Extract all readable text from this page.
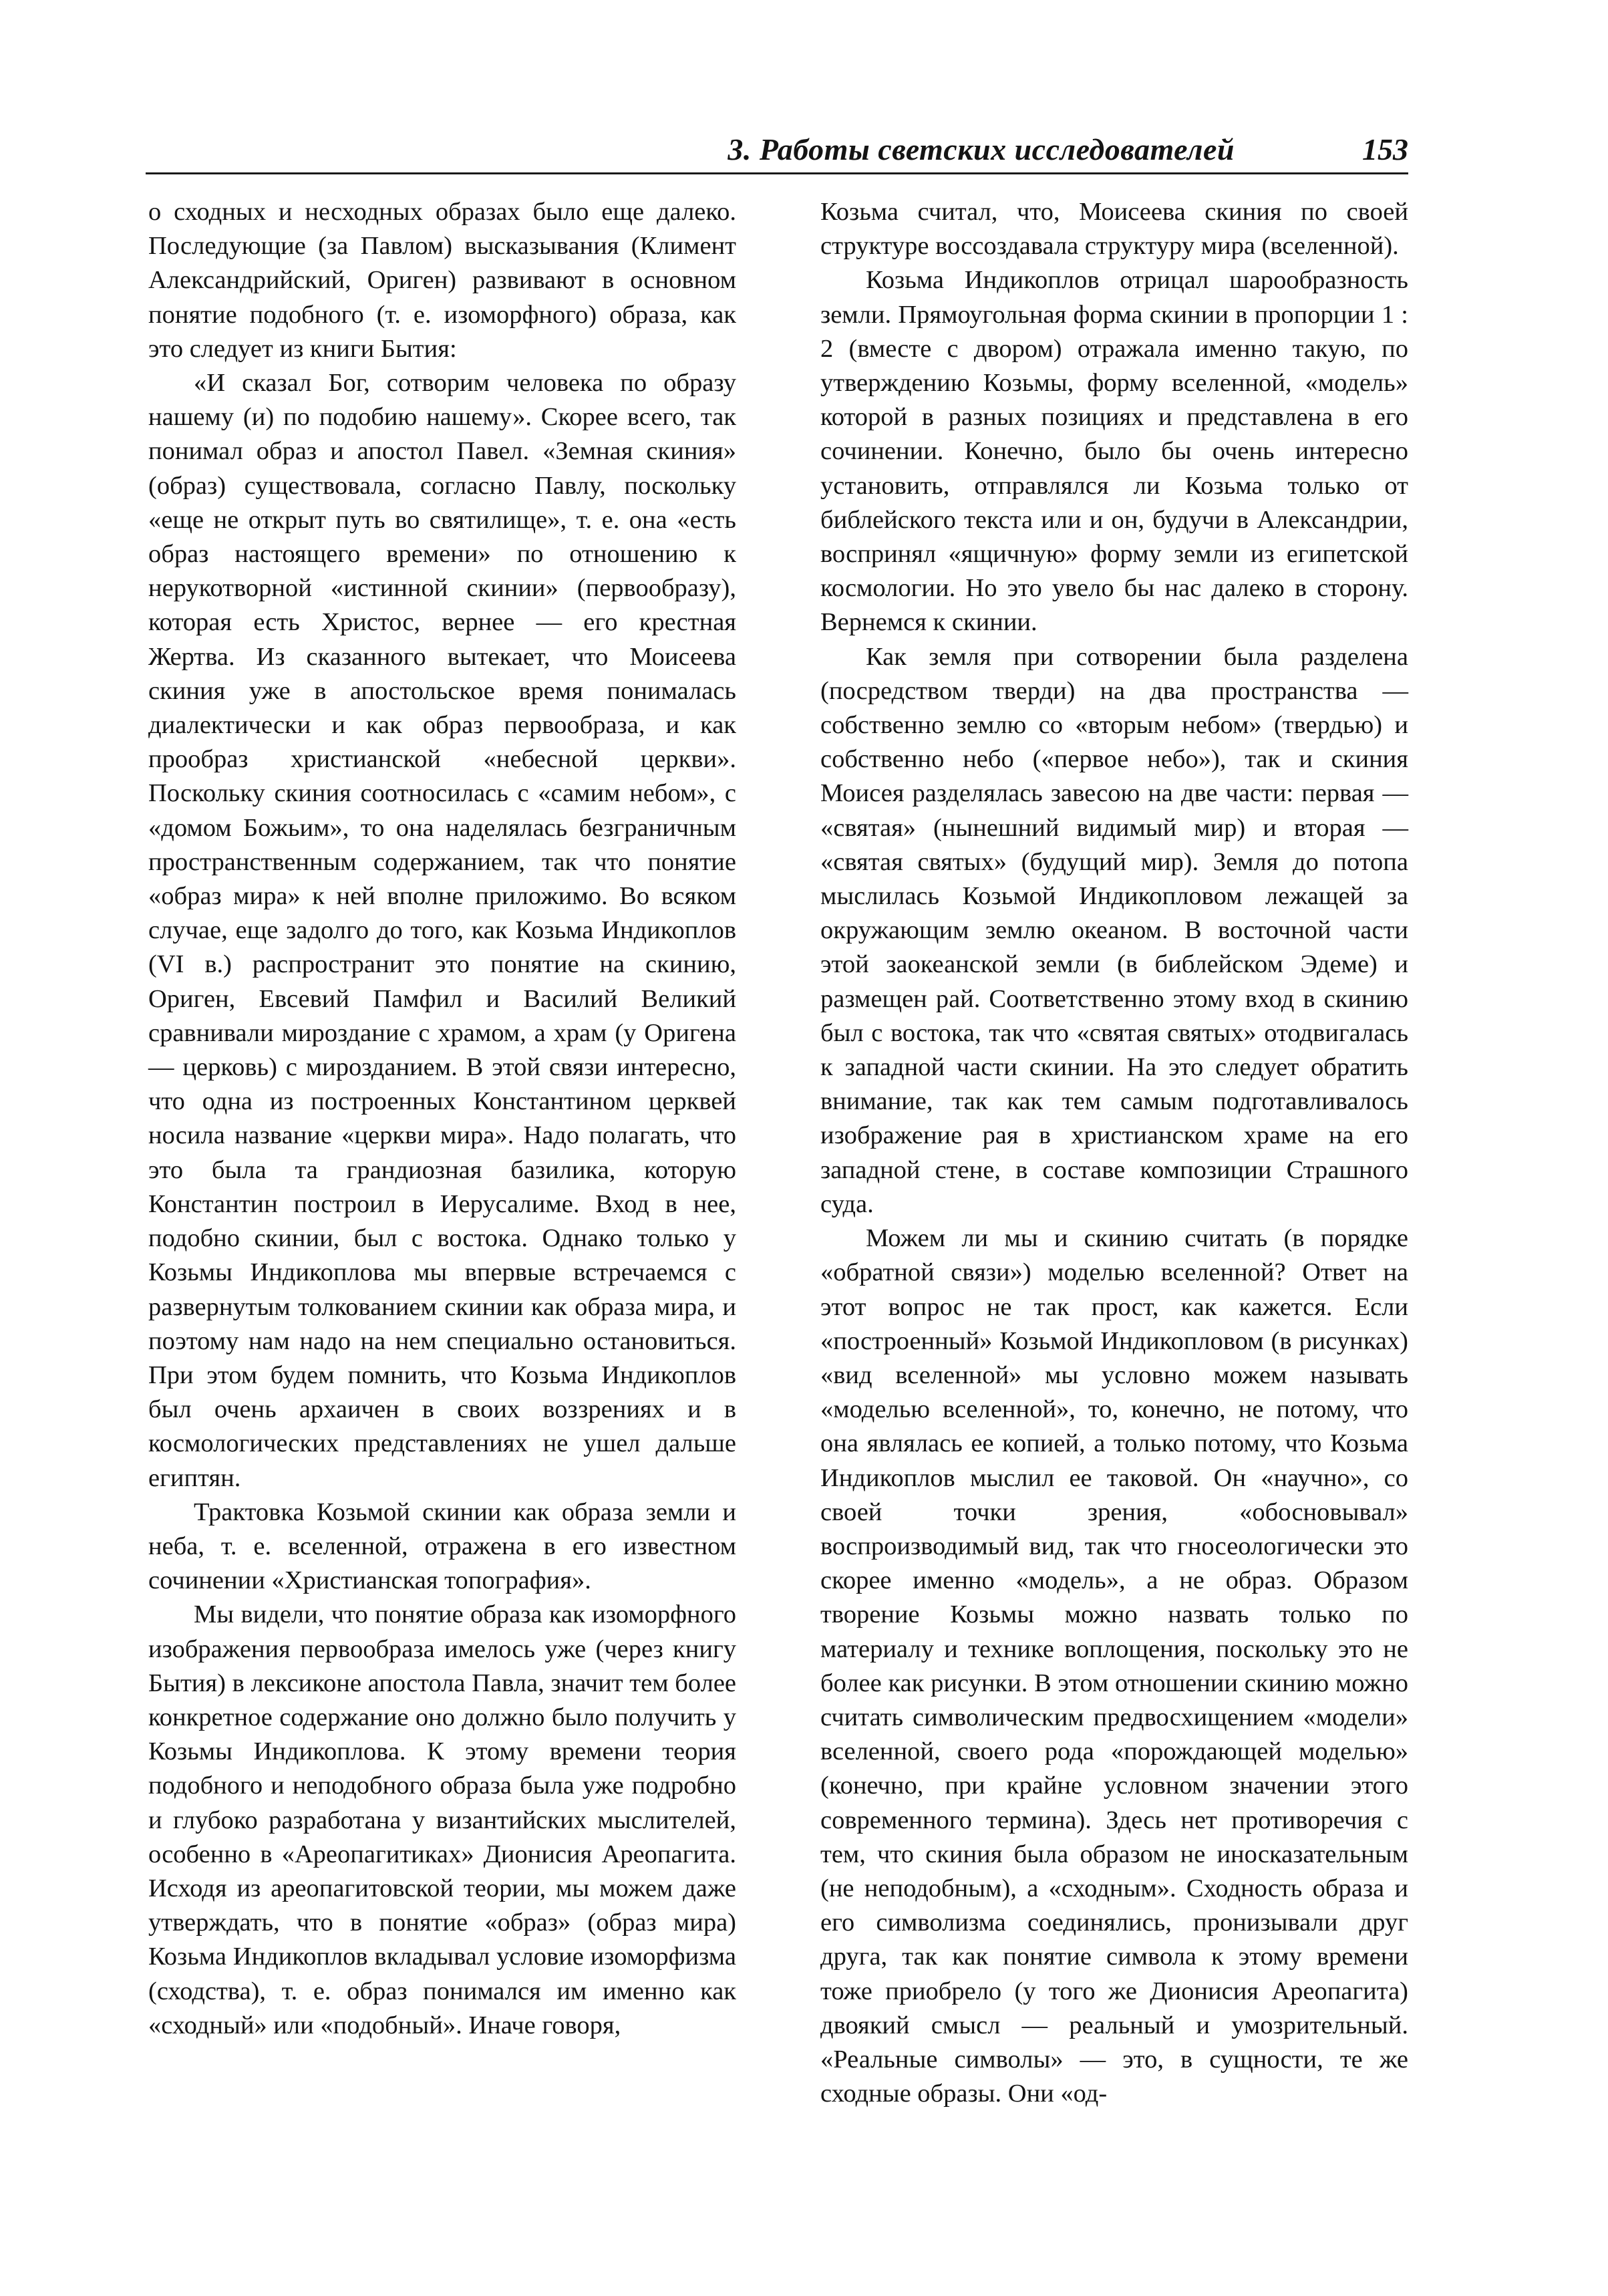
3. Работы светских исследователей	153

о сходных и несходных образах было еще далеко. Последующие (за Павлом) высказывания (Климент Александрийский, Ориген) развивают в основном понятие подобного (т. е. изоморфного) образа, как это следует из книги Бытия:

«И сказал Бог, сотворим человека по образу нашему (и) по подобию нашему». Скорее всего, так понимал образ и апостол Павел. «Земная скиния» (образ) существовала, согласно Павлу, поскольку «еще не открыт путь во святилище», т. е. она «есть образ настоящего времени» по отношению к нерукотворной «истинной скинии» (первообразу), которая есть Христос, вернее — его крестная Жертва. Из сказанного вытекает, что Моисеева скиния уже в апостольское время понималась диалектически и как образ первообраза, и как прообраз христианской «небесной церкви». Поскольку скиния соотносилась с «самим небом», с «домом Божьим», то она наделялась безграничным пространственным содержанием, так что понятие «образ мира» к ней вполне приложимо. Во всяком случае, еще задолго до того, как Козьма Индикоплов (VI в.) распространит это понятие на скинию, Ориген, Евсевий Памфил и Василий Великий сравнивали мироздание с храмом, а храм (у Оригена — церковь) с мирозданием. В этой связи интересно, что одна из построенных Константином церквей носила название «церкви мира». Надо полагать, что это была та грандиозная базилика, которую Константин построил в Иерусалиме. Вход в нее, подобно скинии, был с востока. Однако только у Козьмы Индикоплова мы впервые встречаемся с развернутым толкованием скинии как образа мира, и поэтому нам надо на нем специально остановиться. При этом будем помнить, что Козьма Индикоплов был очень архаичен в своих воззрениях и в космологических представлениях не ушел дальше египтян.

Трактовка Козьмой скинии как образа земли и неба, т. е. вселенной, отражена в его известном сочинении «Христианская топография».

Мы видели, что понятие образа как изоморфного изображения первообраза имелось уже (через книгу Бытия) в лексиконе апостола Павла, значит тем более конкретное содержание оно должно было получить у Козьмы Индикоплова. К этому времени теория подобного и неподобного образа была уже подробно и глубоко разработана у византийских мыслителей, особенно в «Ареопагитиках» Дионисия Ареопагита. Исходя из ареопагитовской теории, мы можем даже утверждать, что в понятие «образ» (образ мира) Козьма Индикоплов вкладывал условие изоморфизма (сходства), т. е. образ понимался им именно как «сходный» или «подобный». Иначе говоря,

Козьма считал, что, Моисеева скиния по своей структуре воссоздавала структуру мира (вселенной).

Козьма Индикоплов отрицал шарообразность земли. Прямоугольная форма скинии в пропорции 1 : 2 (вместе с двором) отражала именно такую, по утверждению Козьмы, форму вселенной, «модель» которой в разных позициях и представлена в его сочинении. Конечно, было бы очень интересно установить, отправлялся ли Козьма только от библейского текста или и он, будучи в Александрии, воспринял «ящичную» форму земли из египетской космологии. Но это увело бы нас далеко в сторону. Вернемся к скинии.

Как земля при сотворении была разделена (посредством тверди) на два пространства — собственно землю со «вторым небом» (твердью) и собственно небо («первое небо»), так и скиния Моисея разделялась завесою на две части: первая — «святая» (нынешний видимый мир) и вторая — «святая святых» (будущий мир). Земля до потопа мыслилась Козьмой Индикопловом лежащей за окружающим землю океаном. В восточной части этой заокеанской земли (в библейском Эдеме) и размещен рай. Соответственно этому вход в скинию был с востока, так что «святая святых» отодвигалась к западной части скинии. На это следует обратить внимание, так как тем самым подготавливалось изображение рая в христианском храме на его западной стене, в составе композиции Страшного суда.

Можем ли мы и скинию считать (в порядке «обратной связи») моделью вселенной? Ответ на этот вопрос не так прост, как кажется. Если «построенный» Козьмой Индикопловом (в рисунках) «вид вселенной» мы условно можем называть «моделью вселенной», то, конечно, не потому, что она являлась ее копией, а только потому, что Козьма Индикоплов мыслил ее таковой. Он «научно», со своей точки зрения, «обосновывал» воспроизводимый вид, так что гносеологически это скорее именно «модель», а не образ. Образом творение Козьмы можно назвать только по материалу и технике воплощения, поскольку это не более как рисунки. В этом отношении скинию можно считать символическим предвосхищением «модели» вселенной, своего рода «порождающей моделью» (конечно, при крайне условном значении этого современного термина). Здесь нет противоречия с тем, что скиния была образом не иносказательным (не неподобным), а «сходным». Сходность образа и его символизма соединялись, пронизывали друг друга, так как понятие символа к этому времени тоже приобрело (у того же Дионисия Ареопагита) двоякий смысл — реальный и умозрительный. «Реальные символы» — это, в сущности, те же сходные образы. Они «од-
